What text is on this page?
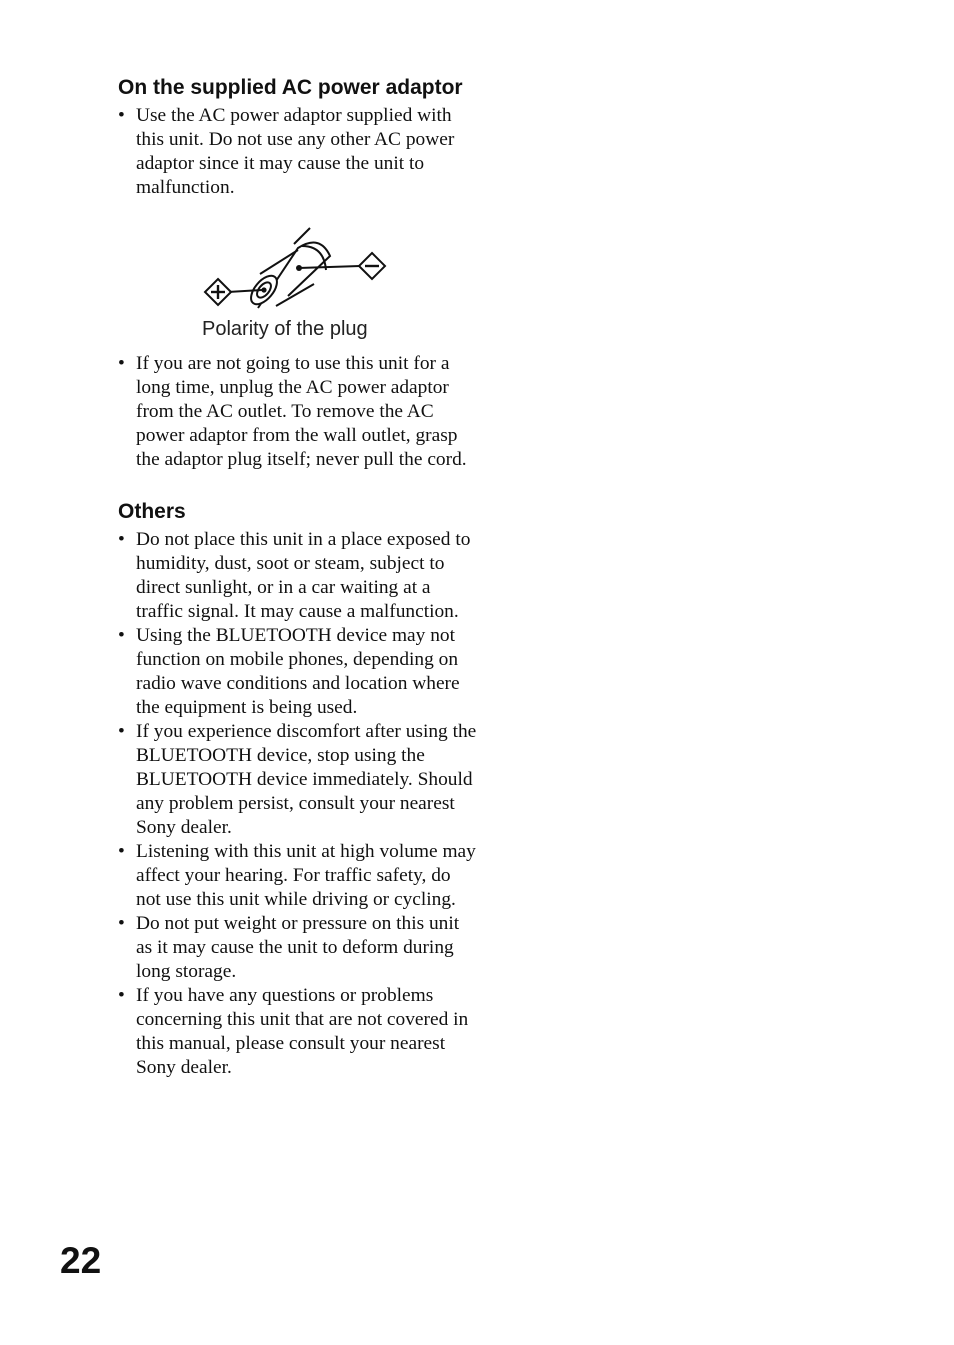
On the supplied AC power adaptor
• Use the AC power adaptor supplied with this unit. Do not use any other AC power adaptor since it may cause the unit to malfunction.
Polarity of the plug
• If you are not going to use this unit for a long time, unplug the AC power adaptor from the AC outlet. To remove the AC power adaptor from the wall outlet, grasp the adaptor plug itself; never pull the cord.
Others
• Do not place this unit in a place exposed to humidity, dust, soot or steam, subject to direct sunlight, or in a car waiting at a traffic signal. It may cause a malfunction.
• Using the BLUETOOTH device may not function on mobile phones, depending on radio wave conditions and location where the equipment is being used.
• If you experience discomfort after using the BLUETOOTH device, stop using the BLUETOOTH device immediately. Should any problem persist, consult your nearest Sony dealer.
• Listening with this unit at high volume may affect your hearing. For traffic safety, do not use this unit while driving or cycling.
• Do not put weight or pressure on this unit as it may cause the unit to deform during long storage.
• If you have any questions or problems concerning this unit that are not covered in this manual, please consult your nearest Sony dealer.
22
